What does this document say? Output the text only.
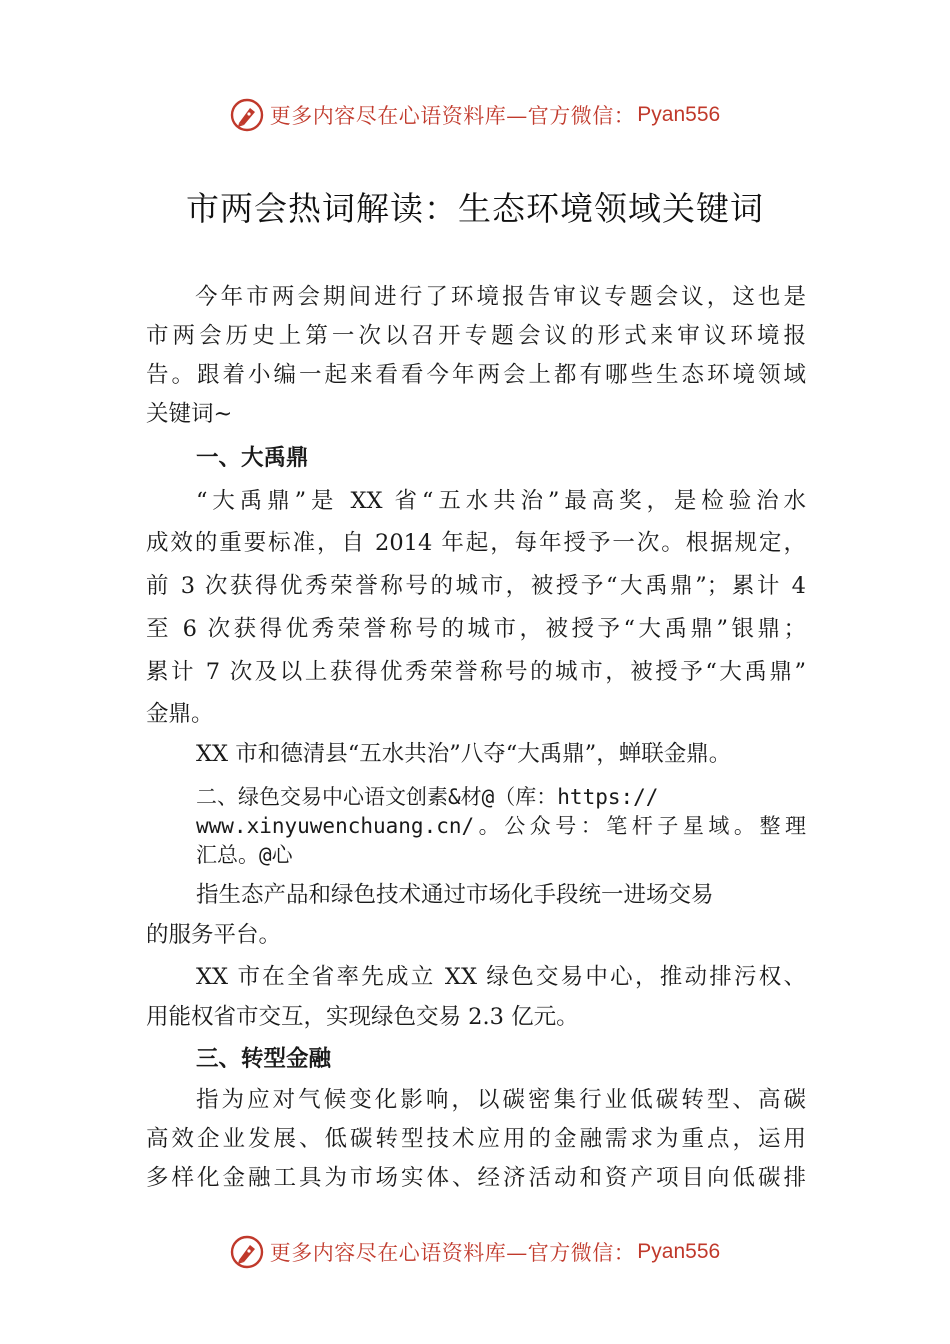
更多内容尽在心语资料库—官方微信： Pyan556
市两会热词解读：生态环境领域关键词
今年市两会期间进行了环境报告审议专题会议，这也是
市两会历史上第一次以召开专题会议的形式来审议环境报
告。跟着小编一起来看看今年两会上都有哪些生态环境领域
关键词~
一、大禹鼎
“大禹鼎”是 XX 省“五水共治”最高奖，是检验治水
成效的重要标准，自 2014 年起，每年授予一次。根据规定，
前 3 次获得优秀荣誉称号的城市，被授予“大禹鼎”；累计 4
至 6 次获得优秀荣誉称号的城市，被授予“大禹鼎”银鼎；
累计 7 次及以上获得优秀荣誉称号的城市，被授予“大禹鼎”
金鼎。
XX 市和德清县“五水共治”八夺“大禹鼎”，蝉联金鼎。
二、绿色交易中心语文创素&材@（库：https://
www.xinyuwenchuang.cn/。公众号：笔杆子星域。整理
汇总。@心
指生态产品和绿色技术通过市场化手段统一进场交易
的服务平台。
XX 市在全省率先成立 XX 绿色交易中心，推动排污权、
用能权省市交互，实现绿色交易 2.3 亿元。
三、转型金融
指为应对气候变化影响，以碳密集行业低碳转型、高碳
高效企业发展、低碳转型技术应用的金融需求为重点，运用
多样化金融工具为市场实体、经济活动和资产项目向低碳排
更多内容尽在心语资料库—官方微信： Pyan556
